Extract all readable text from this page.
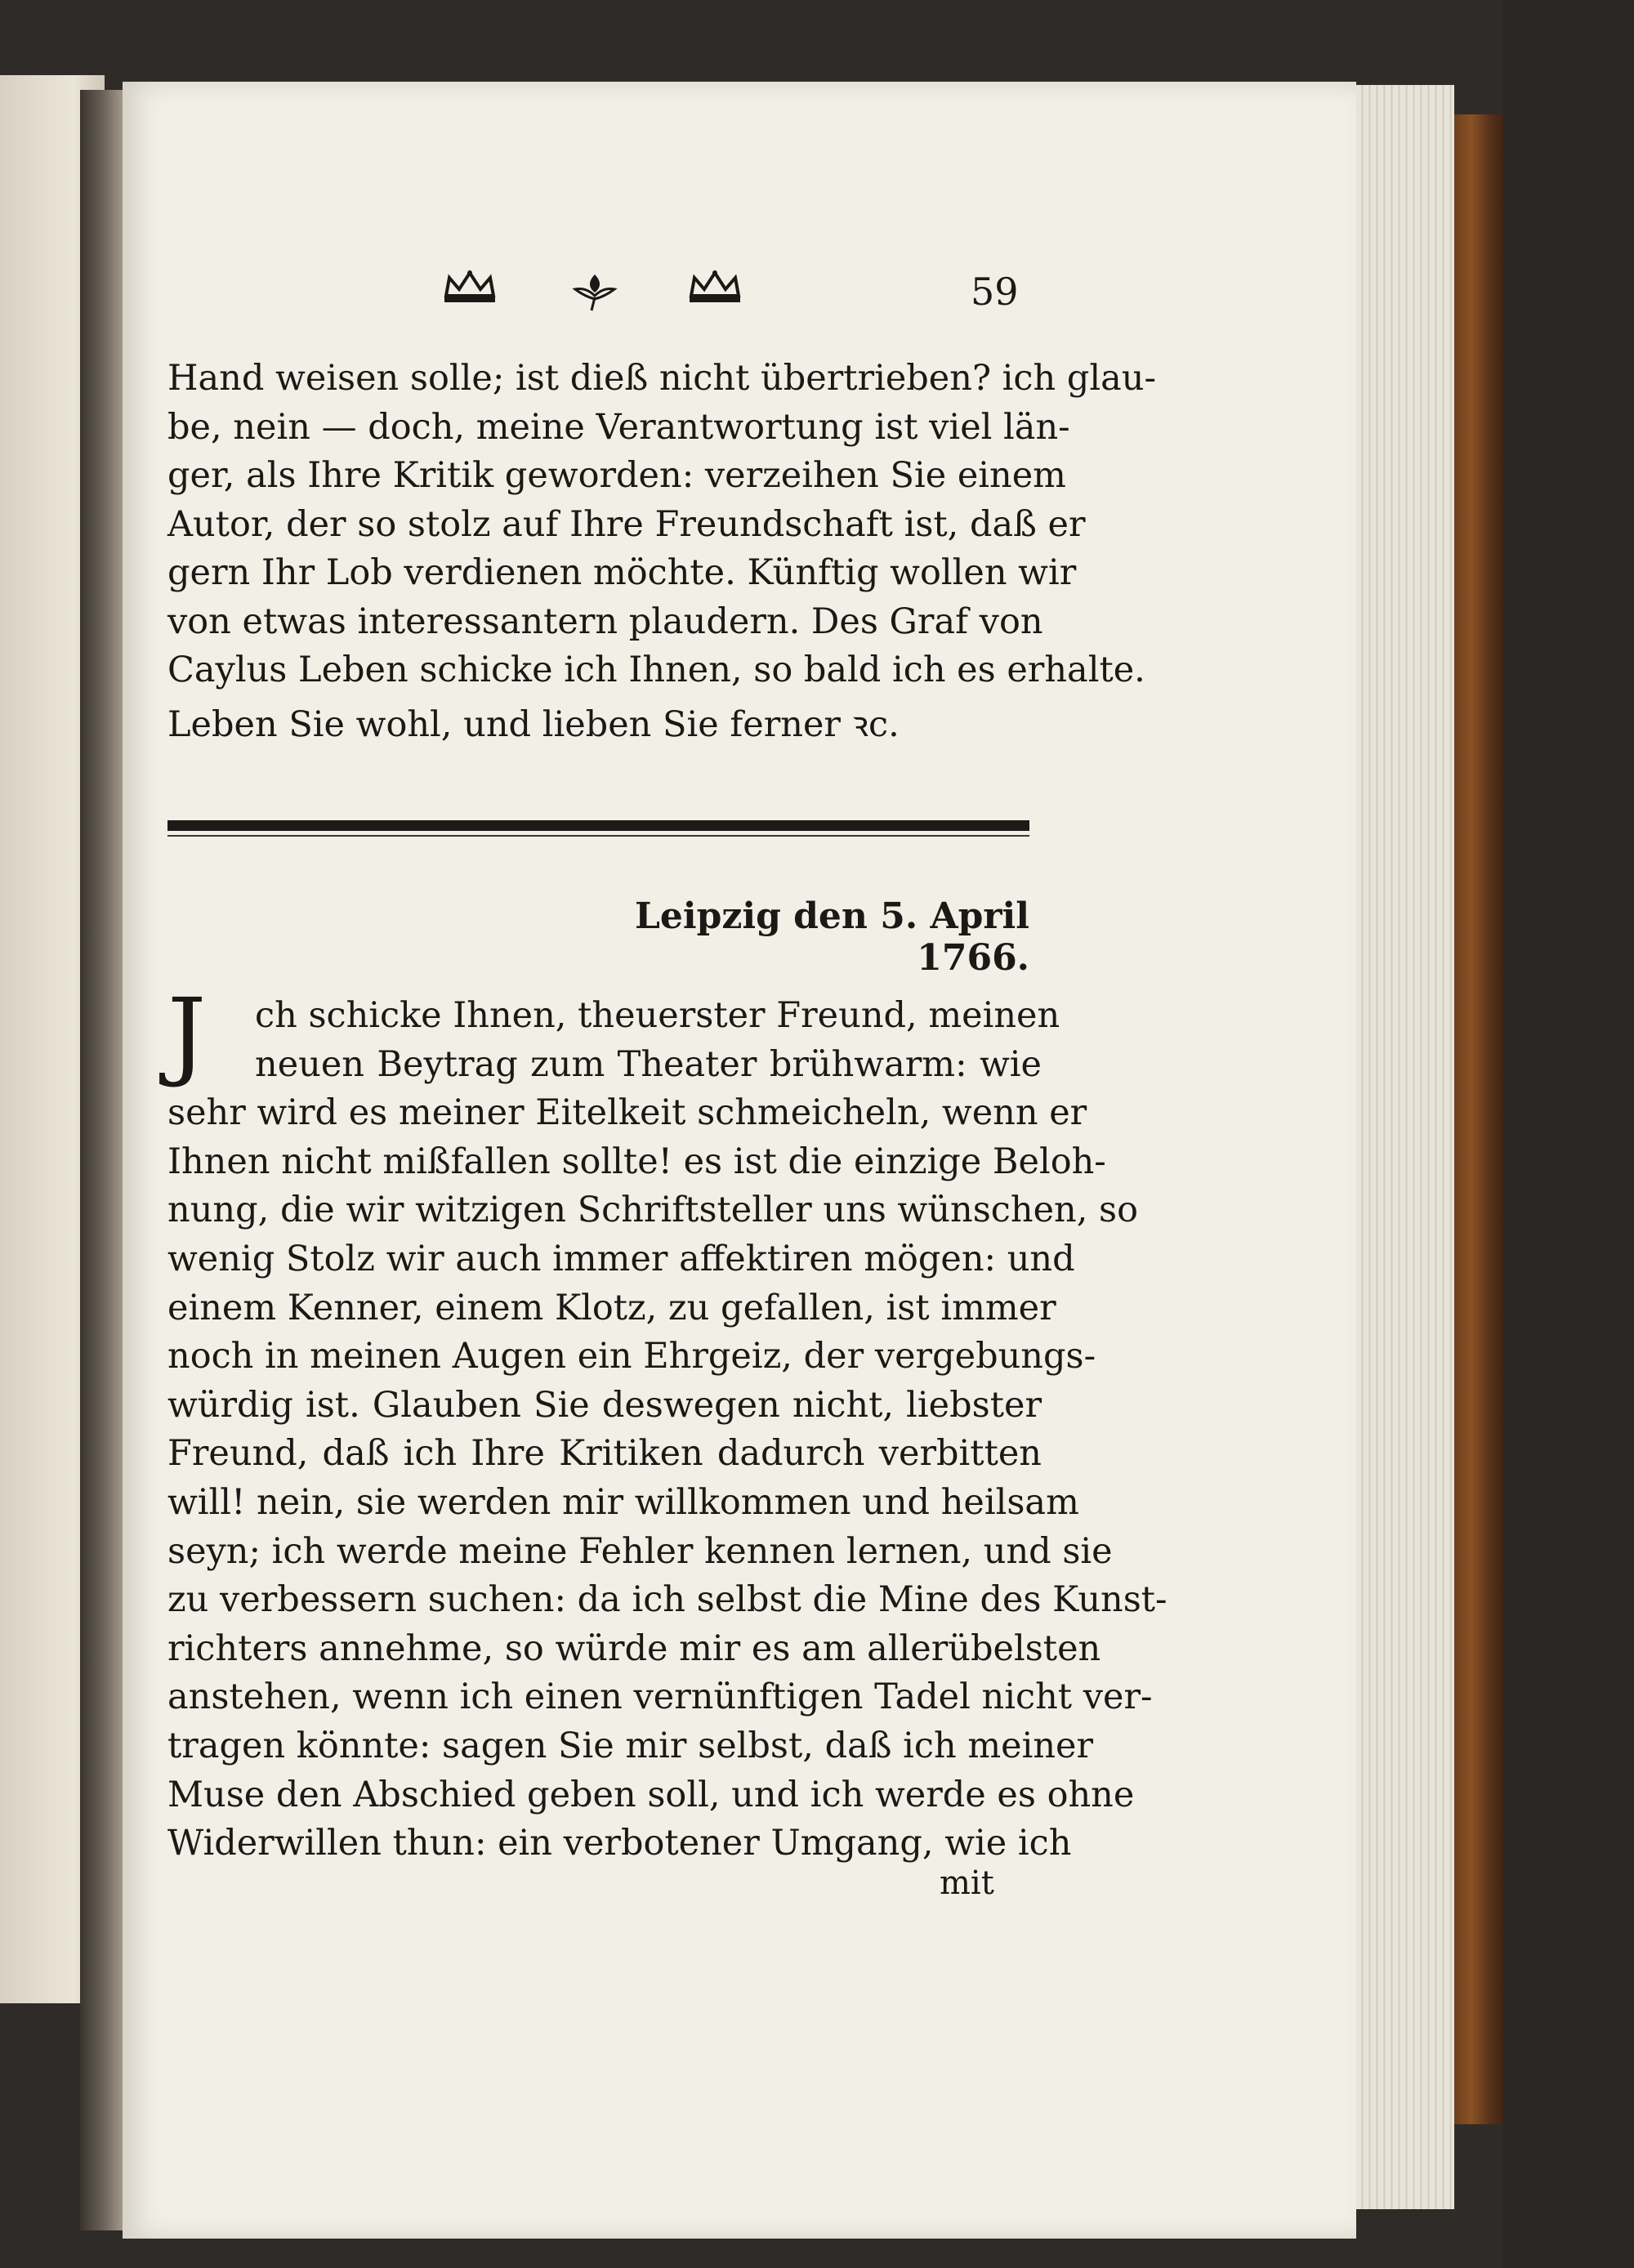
59
Hand weisen solle; ist dieß nicht übertrieben? ich glau-
be, nein — doch, meine Verantwortung ist viel län-
ger, als Ihre Kritik geworden: verzeihen Sie einem
Autor, der so stolz auf Ihre Freundschaft ist, daß er
gern Ihr Lob verdienen möchte. Künftig wollen wir
von etwas interessantern plaudern. Des Graf von
Caylus Leben schicke ich Ihnen, so bald ich es erhalte.
Leben Sie wohl, und lieben Sie ferner ꝛc.
Leipzig den 5. April 1766.
J ch schicke Ihnen, theuerster Freund, meinen
neuen Beytrag zum Theater brühwarm: wie
sehr wird es meiner Eitelkeit schmeicheln, wenn er
Ihnen nicht mißfallen sollte! es ist die einzige Beloh-
nung, die wir witzigen Schriftsteller uns wünschen, so
wenig Stolz wir auch immer affektiren mögen: und
einem Kenner, einem Klotz, zu gefallen, ist immer
noch in meinen Augen ein Ehrgeiz, der vergebungs-
würdig ist. Glauben Sie deswegen nicht, liebster
Freund, daß ich Ihre Kritiken dadurch verbitten
will! nein, sie werden mir willkommen und heilsam
seyn; ich werde meine Fehler kennen lernen, und sie
zu verbessern suchen: da ich selbst die Mine des Kunst-
richters annehme, so würde mir es am allerübelsten
anstehen, wenn ich einen vernünftigen Tadel nicht ver-
tragen könnte: sagen Sie mir selbst, daß ich meiner
Muse den Abschied geben soll, und ich werde es ohne
Widerwillen thun: ein verbotener Umgang, wie ich
mit
